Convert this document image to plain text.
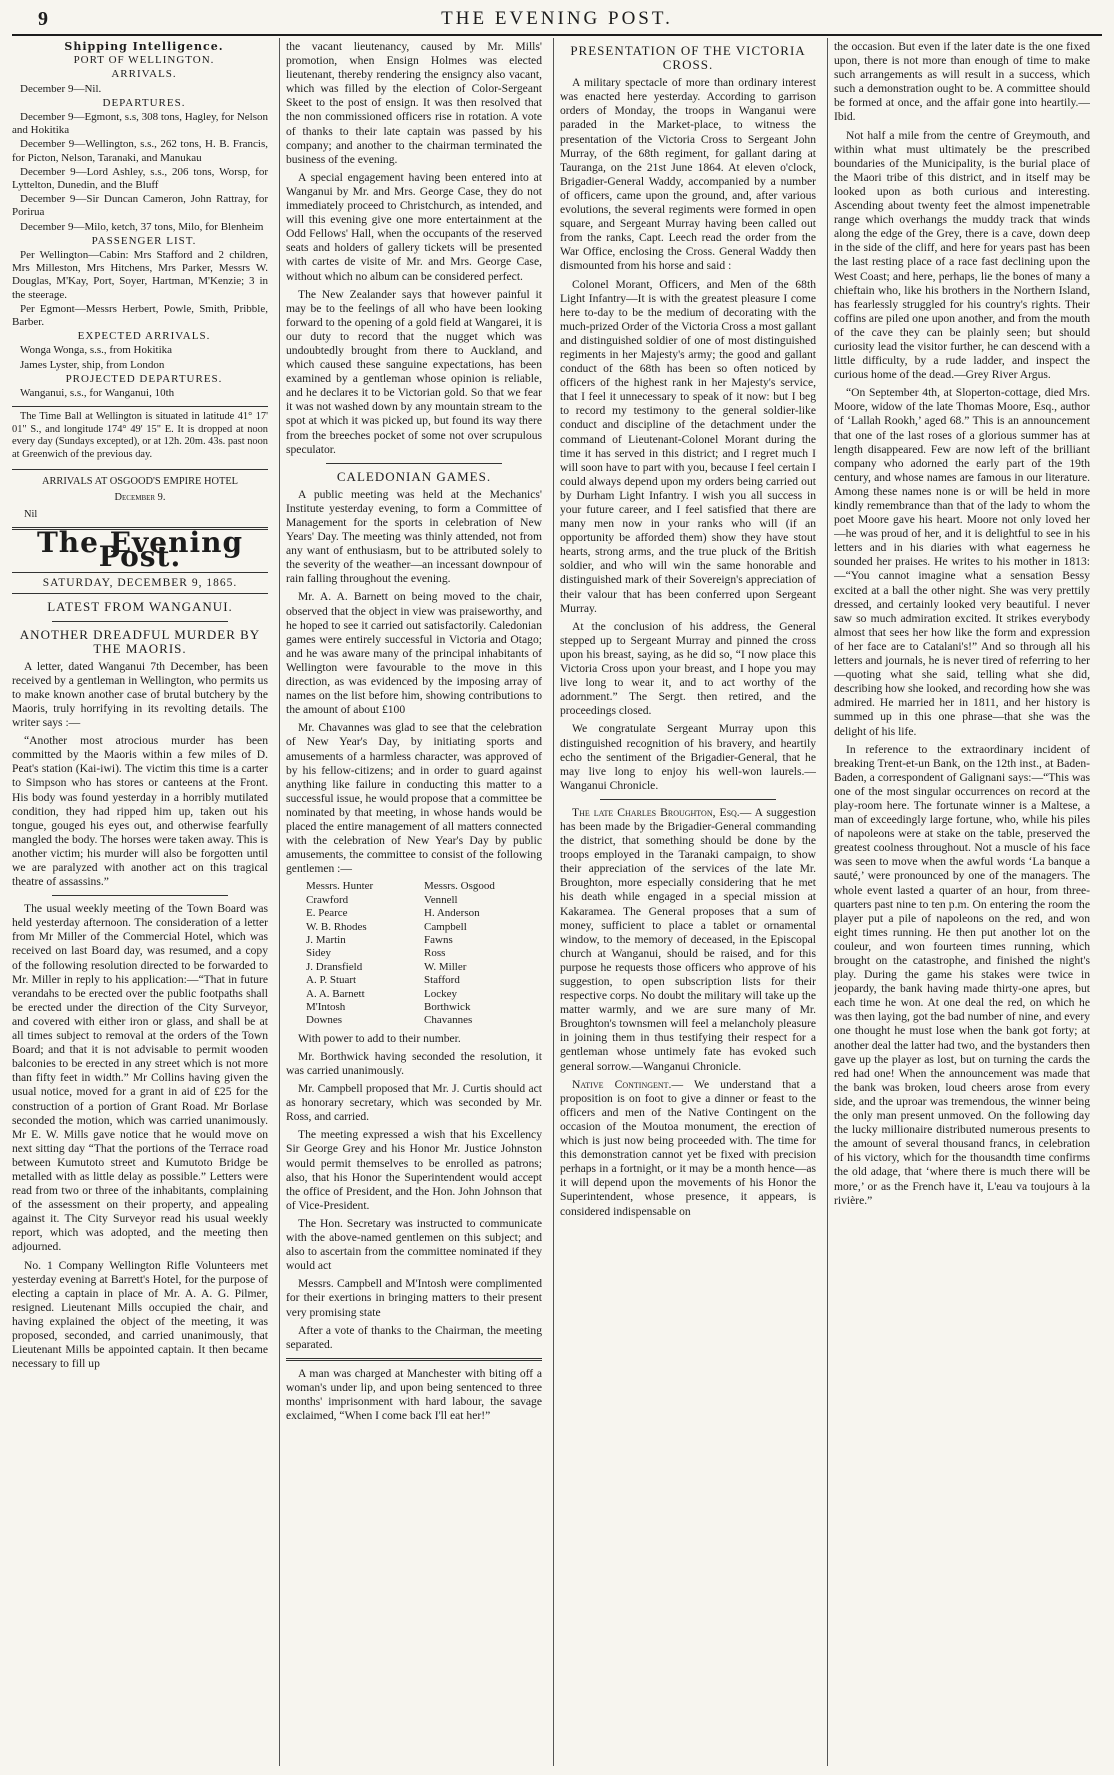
9	THE EVENING POST.

Shipping Intelligence.

PORT OF WELLINGTON.

ARRIVALS.

December 9—Nil.

DEPARTURES.

December 9—Egmont, s.s, 308 tons, Hagley, for Nelson and Hokitika

December 9—Wellington, s.s., 262 tons, H. B. Francis, for Picton, Nelson, Taranaki, and Manukau

December 9—Lord Ashley, s.s., 206 tons, Worsp, for Lyttelton, Dunedin, and the Bluff

December 9—Sir Duncan Cameron, John Rattray, for Porirua

December 9—Milo, ketch, 37 tons, Milo, for Blenheim

PASSENGER LIST.

Per Wellington—Cabin: Mrs Stafford and 2 children, Mrs Milleston, Mrs Hitchens, Mrs Parker, Messrs W. Douglas, M'Kay, Port, Soyer, Hartman, M'Kenzie; 3 in the steerage.

Per Egmont—Messrs Herbert, Powle, Smith, Pribble, Barber.

EXPECTED ARRIVALS.

Wonga Wonga, s.s., from Hokitika

James Lyster, ship, from London

PROJECTED DEPARTURES.

Wanganui, s.s., for Wanganui, 10th

The Time Ball at Wellington is situated in latitude 41° 17' 01" S., and longitude 174° 49' 15" E. It is dropped at noon every day (Sundays excepted), or at 12h. 20m. 43s. past noon at Greenwich of the previous day.

ARRIVALS AT OSGOOD'S EMPIRE HOTEL

December 9.

Nil

The Evening Post.
SATURDAY, DECEMBER 9, 1865.

LATEST FROM WANGANUI.

ANOTHER DREADFUL MURDER BY THE MAORIS.

A letter, dated Wanganui 7th December, has been received by a gentleman in Wellington, who permits us to make known another case of brutal butchery by the Maoris, truly horrifying in its revolting details. The writer says :—

“Another most atrocious murder has been committed by the Maoris within a few miles of D. Peat's station (Kai-iwi). The victim this time is a carter to Simpson who has stores or canteens at the Front. His body was found yesterday in a horribly mutilated condition, they had ripped him up, taken out his tongue, gouged his eyes out, and otherwise fearfully mangled the body. The horses were taken away. This is another victim; his murder will also be forgotten until we are paralyzed with another act on this tragical theatre of assassins.”

The usual weekly meeting of the Town Board was held yesterday afternoon. The consideration of a letter from Mr Miller of the Commercial Hotel, which was received on last Board day, was resumed, and a copy of the following resolution directed to be forwarded to Mr. Miller in reply to his application:—“That in future verandahs to be erected over the public footpaths shall be erected under the direction of the City Surveyor, and covered with either iron or glass, and shall be at all times subject to removal at the orders of the Town Board; and that it is not advisable to permit wooden balconies to be erected in any street which is not more than fifty feet in width.” Mr Collins having given the usual notice, moved for a grant in aid of £25 for the construction of a portion of Grant Road. Mr Borlase seconded the motion, which was carried unanimously. Mr E. W. Mills gave notice that he would move on next sitting day “That the portions of the Terrace road between Kumutoto street and Kumutoto Bridge be metalled with as little delay as possible.” Letters were read from two or three of the inhabitants, complaining of the assessment on their property, and appealing against it. The City Surveyor read his usual weekly report, which was adopted, and the meeting then adjourned.

No. 1 Company Wellington Rifle Volunteers met yesterday evening at Barrett's Hotel, for the purpose of electing a captain in place of Mr. A. A. G. Pilmer, resigned. Lieutenant Mills occupied the chair, and having explained the object of the meeting, it was proposed, seconded, and carried unanimously, that Lieutenant Mills be appointed captain. It then became necessary to fill up

the vacant lieutenancy, caused by Mr. Mills' promotion, when Ensign Holmes was elected lieutenant, thereby rendering the ensigncy also vacant, which was filled by the election of Color-Sergeant Skeet to the post of ensign. It was then resolved that the non commissioned officers rise in rotation. A vote of thanks to their late captain was passed by his company; and another to the chairman terminated the business of the evening.

A special engagement having been entered into at Wanganui by Mr. and Mrs. George Case, they do not immediately proceed to Christchurch, as intended, and will this evening give one more entertainment at the Odd Fellows' Hall, when the occupants of the reserved seats and holders of gallery tickets will be presented with cartes de visite of Mr. and Mrs. George Case, without which no album can be considered perfect.

The New Zealander says that however painful it may be to the feelings of all who have been looking forward to the opening of a gold field at Wangarei, it is our duty to record that the nugget which was undoubtedly brought from there to Auckland, and which caused these sanguine expectations, has been examined by a gentleman whose opinion is reliable, and he declares it to be Victorian gold. So that we fear it was not washed down by any mountain stream to the spot at which it was picked up, but found its way there from the breeches pocket of some not over scrupulous speculator.

CALEDONIAN GAMES.

A public meeting was held at the Mechanics' Institute yesterday evening, to form a Committee of Management for the sports in celebration of New Years' Day. The meeting was thinly attended, not from any want of enthusiasm, but to be attributed solely to the severity of the weather—an incessant downpour of rain falling throughout the evening.

Mr. A. A. Barnett on being moved to the chair, observed that the object in view was praiseworthy, and he hoped to see it carried out satisfactorily. Caledonian games were entirely successful in Victoria and Otago; and he was aware many of the principal inhabitants of Wellington were favourable to the move in this direction, as was evidenced by the imposing array of names on the list before him, showing contributions to the amount of about £100

Mr. Chavannes was glad to see that the celebration of New Year's Day, by initiating sports and amusements of a harmless character, was approved of by his fellow-citizens; and in order to guard against anything like failure in conducting this matter to a successful issue, he would propose that a committee be nominated by that meeting, in whose hands would be placed the entire management of all matters connected with the celebration of New Year's Day by public amusements, the committee to consist of the following gentlemen :—

Messrs. Hunter	Messrs. Osgood
Crawford	Vennell
E. Pearce	H. Anderson
W. B. Rhodes	Campbell
J. Martin	Fawns
Sidey	Ross
J. Dransfield	W. Miller
A. P. Stuart	Stafford
A. A. Barnett	Lockey
M'Intosh	Borthwick
Downes	Chavannes

With power to add to their number.

Mr. Borthwick having seconded the resolution, it was carried unanimously.

Mr. Campbell proposed that Mr. J. Curtis should act as honorary secretary, which was seconded by Mr. Ross, and carried.

The meeting expressed a wish that his Excellency Sir George Grey and his Honor Mr. Justice Johnston would permit themselves to be enrolled as patrons; also, that his Honor the Superintendent would accept the office of President, and the Hon. John Johnson that of Vice-President.

The Hon. Secretary was instructed to communicate with the above-named gentlemen on this subject; and also to ascertain from the committee nominated if they would act

Messrs. Campbell and M'Intosh were complimented for their exertions in bringing matters to their present very promising state

After a vote of thanks to the Chairman, the meeting separated.

A man was charged at Manchester with biting off a woman's under lip, and upon being sentenced to three months' imprisonment with hard labour, the savage exclaimed, “When I come back I'll eat her!”

PRESENTATION OF THE VICTORIA CROSS.

A military spectacle of more than ordinary interest was enacted here yesterday. According to garrison orders of Monday, the troops in Wanganui were paraded in the Market-place, to witness the presentation of the Victoria Cross to Sergeant John Murray, of the 68th regiment, for gallant daring at Tauranga, on the 21st June 1864. At eleven o'clock, Brigadier-General Waddy, accompanied by a number of officers, came upon the ground, and, after various evolutions, the several regiments were formed in open square, and Sergeant Murray having been called out from the ranks, Capt. Leech read the order from the War Office, enclosing the Cross. General Waddy then dismounted from his horse and said :

Colonel Morant, Officers, and Men of the 68th Light Infantry—It is with the greatest pleasure I come here to-day to be the medium of decorating with the much-prized Order of the Victoria Cross a most gallant and distinguished soldier of one of most distinguished regiments in her Majesty's army; the good and gallant conduct of the 68th has been so often noticed by officers of the highest rank in her Majesty's service, that I feel it unnecessary to speak of it now: but I beg to record my testimony to the general soldier-like conduct and discipline of the detachment under the command of Lieutenant-Colonel Morant during the time it has served in this district; and I regret much I will soon have to part with you, because I feel certain I could always depend upon my orders being carried out by Durham Light Infantry. I wish you all success in your future career, and I feel satisfied that there are many men now in your ranks who will (if an opportunity be afforded them) show they have stout hearts, strong arms, and the true pluck of the British soldier, and who will win the same honorable and distinguished mark of their Sovereign's appreciation of their valour that has been conferred upon Sergeant Murray.

At the conclusion of his address, the General stepped up to Sergeant Murray and pinned the cross upon his breast, saying, as he did so, “I now place this Victoria Cross upon your breast, and I hope you may live long to wear it, and to act worthy of the adornment.” The Sergt. then retired, and the proceedings closed.

We congratulate Sergeant Murray upon this distinguished recognition of his bravery, and heartily echo the sentiment of the Brigadier-General, that he may live long to enjoy his well-won laurels.—Wanganui Chronicle.

The late Charles Broughton, Esq.— A suggestion has been made by the Brigadier-General commanding the district, that something should be done by the troops employed in the Taranaki campaign, to show their appreciation of the services of the late Mr. Broughton, more especially considering that he met his death while engaged in a special mission at Kakaramea. The General proposes that a sum of money, sufficient to place a tablet or ornamental window, to the memory of deceased, in the Episcopal church at Wanganui, should be raised, and for this purpose he requests those officers who approve of his suggestion, to open subscription lists for their respective corps. No doubt the military will take up the matter warmly, and we are sure many of Mr. Broughton's townsmen will feel a melancholy pleasure in joining them in thus testifying their respect for a gentleman whose untimely fate has evoked such general sorrow.—Wanganui Chronicle.

Native Contingent.— We understand that a proposition is on foot to give a dinner or feast to the officers and men of the Native Contingent on the occasion of the Moutoa monument, the erection of which is just now being proceeded with. The time for this demonstration cannot yet be fixed with precision perhaps in a fortnight, or it may be a month hence—as it will depend upon the movements of his Honor the Superintendent, whose presence, it appears, is considered indispensable on

the occasion. But even if the later date is the one fixed upon, there is not more than enough of time to make such arrangements as will result in a success, which such a demonstration ought to be. A committee should be formed at once, and the affair gone into heartily.—Ibid.

Not half a mile from the centre of Greymouth, and within what must ultimately be the prescribed boundaries of the Municipality, is the burial place of the Maori tribe of this district, and in itself may be looked upon as both curious and interesting. Ascending about twenty feet the almost impenetrable range which overhangs the muddy track that winds along the edge of the Grey, there is a cave, down deep in the side of the cliff, and here for years past has been the last resting place of a race fast declining upon the West Coast; and here, perhaps, lie the bones of many a chieftain who, like his brothers in the Northern Island, has fearlessly struggled for his country's rights. Their coffins are piled one upon another, and from the mouth of the cave they can be plainly seen; but should curiosity lead the visitor further, he can descend with a little difficulty, by a rude ladder, and inspect the curious home of the dead.—Grey River Argus.

“On September 4th, at Sloperton-cottage, died Mrs. Moore, widow of the late Thomas Moore, Esq., author of ‘Lallah Rookh,’ aged 68.” This is an announcement that one of the last roses of a glorious summer has at length disappeared. Few are now left of the brilliant company who adorned the early part of the 19th century, and whose names are famous in our literature. Among these names none is or will be held in more kindly remembrance than that of the lady to whom the poet Moore gave his heart. Moore not only loved her—he was proud of her, and it is delightful to see in his letters and in his diaries with what eagerness he sounded her praises. He writes to his mother in 1813: —“You cannot imagine what a sensation Bessy excited at a ball the other night. She was very prettily dressed, and certainly looked very beautiful. I never saw so much admiration excited. It strikes everybody almost that sees her how like the form and expression of her face are to Catalani's!” And so through all his letters and journals, he is never tired of referring to her—quoting what she said, telling what she did, describing how she looked, and recording how she was admired. He married her in 1811, and her history is summed up in this one phrase—that she was the delight of his life.

In reference to the extraordinary incident of breaking Trent-et-un Bank, on the 12th inst., at Baden-Baden, a correspondent of Galignani says:—“This was one of the most singular occurrences on record at the play-room here. The fortunate winner is a Maltese, a man of exceedingly large fortune, who, while his piles of napoleons were at stake on the table, preserved the greatest coolness throughout. Not a muscle of his face was seen to move when the awful words ‘La banque a sauté,’ were pronounced by one of the managers. The whole event lasted a quarter of an hour, from three-quarters past nine to ten p.m. On entering the room the player put a pile of napoleons on the red, and won eight times running. He then put another lot on the couleur, and won fourteen times running, which brought on the catastrophe, and finished the night's play. During the game his stakes were twice in jeopardy, the bank having made thirty-one apres, but each time he won. At one deal the red, on which he was then laying, got the bad number of nine, and every one thought he must lose when the bank got forty; at another deal the latter had two, and the bystanders then gave up the player as lost, but on turning the cards the red had one! When the announcement was made that the bank was broken, loud cheers arose from every side, and the uproar was tremendous, the winner being the only man present unmoved. On the following day the lucky millionaire distributed numerous presents to the amount of several thousand francs, in celebration of his victory, which for the thousandth time confirms the old adage, that ‘where there is much there will be more,’ or as the French have it, L'eau va toujours à la rivière.”
